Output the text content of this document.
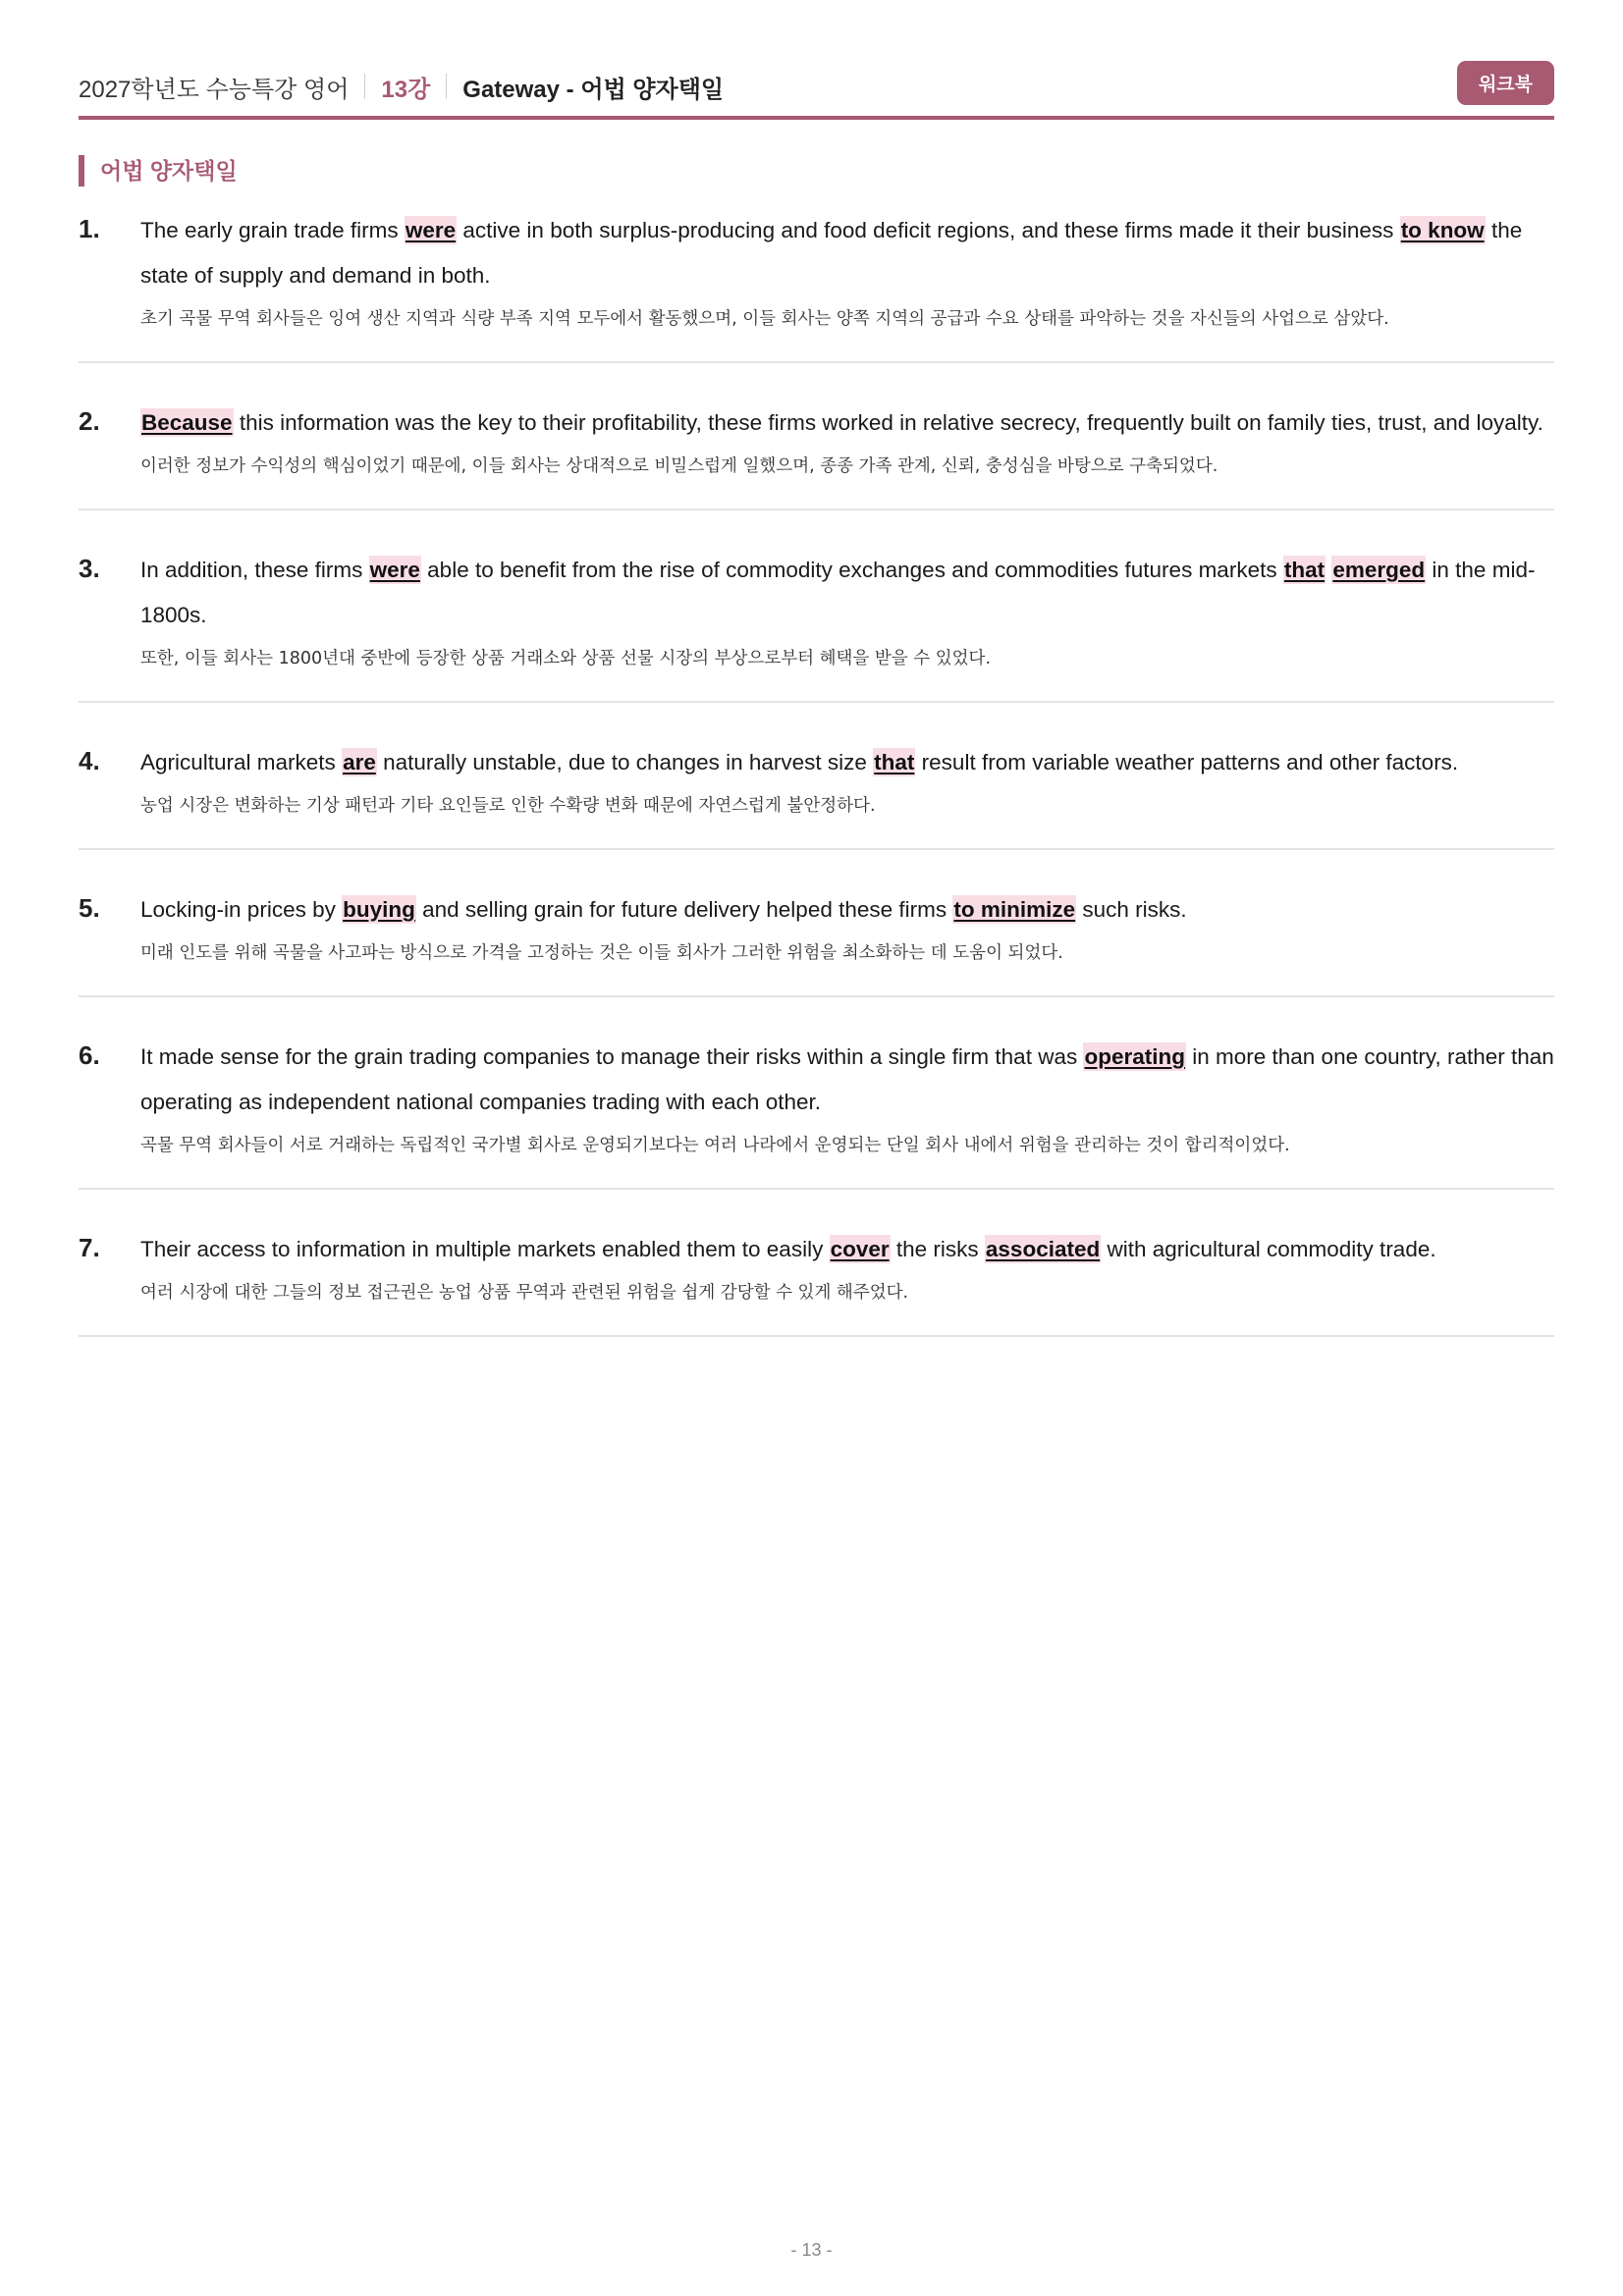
2027학년도 수능특강 영어 13강 Gateway - 어법 양자택일	워크북
어법 양자택일
1. The early grain trade firms were active in both surplus-producing and food deficit regions, and these firms made it their business to know the state of supply and demand in both.
초기 곡물 무역 회사들은 잉여 생산 지역과 식량 부족 지역 모두에서 활동했으며, 이들 회사는 양쪽 지역의 공급과 수요 상태를 파악하는 것을 자신들의 사업으로 삼았다.
2. Because this information was the key to their profitability, these firms worked in relative secrecy, frequently built on family ties, trust, and loyalty.
이러한 정보가 수익성의 핵심이었기 때문에, 이들 회사는 상대적으로 비밀스럽게 일했으며, 종종 가족 관계, 신뢰, 충성심을 바탕으로 구축되었다.
3. In addition, these firms were able to benefit from the rise of commodity exchanges and commodities futures markets that emerged in the mid-1800s.
또한, 이들 회사는 1800년대 중반에 등장한 상품 거래소와 상품 선물 시장의 부상으로부터 혜택을 받을 수 있었다.
4. Agricultural markets are naturally unstable, due to changes in harvest size that result from variable weather patterns and other factors.
농업 시장은 변화하는 기상 패턴과 기타 요인들로 인한 수확량 변화 때문에 자연스럽게 불안정하다.
5. Locking-in prices by buying and selling grain for future delivery helped these firms to minimize such risks.
미래 인도를 위해 곡물을 사고파는 방식으로 가격을 고정하는 것은 이들 회사가 그러한 위험을 최소화하는 데 도움이 되었다.
6. It made sense for the grain trading companies to manage their risks within a single firm that was operating in more than one country, rather than operating as independent national companies trading with each other.
곡물 무역 회사들이 서로 거래하는 독립적인 국가별 회사로 운영되기보다는 여러 나라에서 운영되는 단일 회사 내에서 위험을 관리하는 것이 합리적이었다.
7. Their access to information in multiple markets enabled them to easily cover the risks associated with agricultural commodity trade.
여러 시장에 대한 그들의 정보 접근권은 농업 상품 무역과 관련된 위험을 쉽게 감당할 수 있게 해주었다.
- 13 -
